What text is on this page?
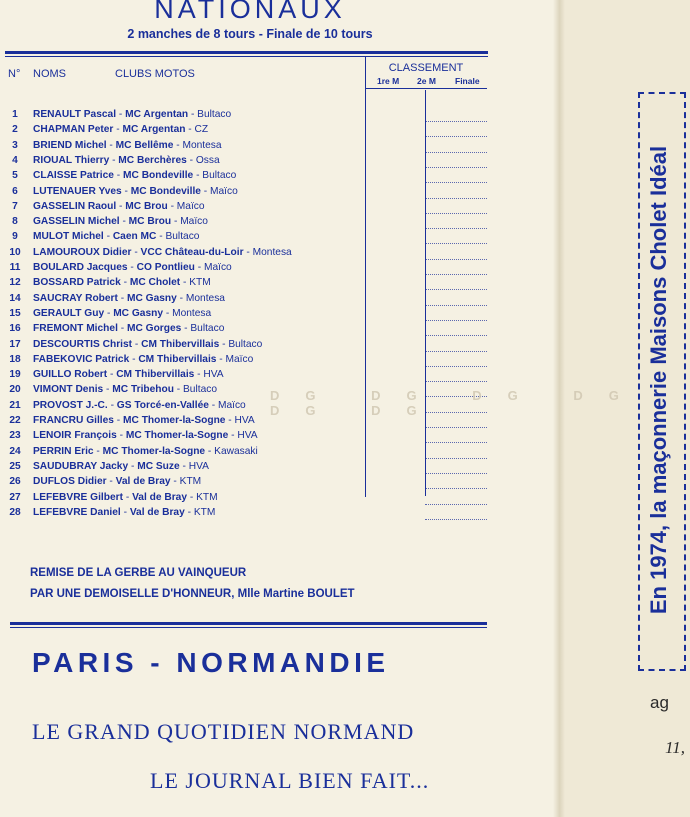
NATIONAUX
2 manches de 8 tours - Finale de 10 tours
N° NOMS	CLUBS MOTOS	CLASSEMENT
1re M 2e M Finale
1	RENAULT Pascal - MC Argentan - Bultaco
2	CHAPMAN Peter - MC Argentan - CZ
3	BRIEND Michel - MC Bellême - Montesa
4	RIOUAL Thierry - MC Berchères - Ossa
5	CLAISSE Patrice - MC Bondeville - Bultaco
6	LUTENAUER Yves - MC Bondeville - Maïco
7	GASSELIN Raoul - MC Brou - Maïco
8	GASSELIN Michel - MC Brou - Maïco
9	MULOT Michel - Caen MC - Bultaco
10	LAMOUROUX Didier - VCC Château-du-Loir - Montesa
11	BOULARD Jacques - CO Pontlieu - Maïco
12	BOSSARD Patrick - MC Cholet - KTM
14	SAUCRAY Robert - MC Gasny - Montesa
15	GERAULT Guy - MC Gasny - Montesa
16	FREMONT Michel - MC Gorges - Bultaco
17	DESCOURTIS Christ - CM Thibervillais - Bultaco
18	FABEKOVIC Patrick - CM Thibervillais - Maïco
19	GUILLO Robert - CM Thibervillais - HVA
20	VIMONT Denis - MC Tribehou - Bultaco
21	PROVOST J.-C. - GS Torcé-en-Vallée - Maïco
22	FRANCRU Gilles - MC Thomer-la-Sogne - HVA
23	LENOIR François - MC Thomer-la-Sogne - HVA
24	PERRIN Eric - MC Thomer-la-Sogne - Kawasaki
25	SAUDUBRAY Jacky - MC Suze - HVA
26	DUFLOS Didier - Val de Bray - KTM
27	LEFEBVRE Gilbert - Val de Bray - KTM
28	LEFEBVRE Daniel - Val de Bray - KTM
DG DG DG DG DG DG
REMISE DE LA GERBE AU VAINQUEUR
PAR UNE DEMOISELLE D'HONNEUR, Mlle Martine BOULET
PARIS - NORMANDIE
LE GRAND QUOTIDIEN NORMAND
LE JOURNAL BIEN FAIT...
En 1974, la maçonnerie Maisons Cholet Idéal
ag
11,
